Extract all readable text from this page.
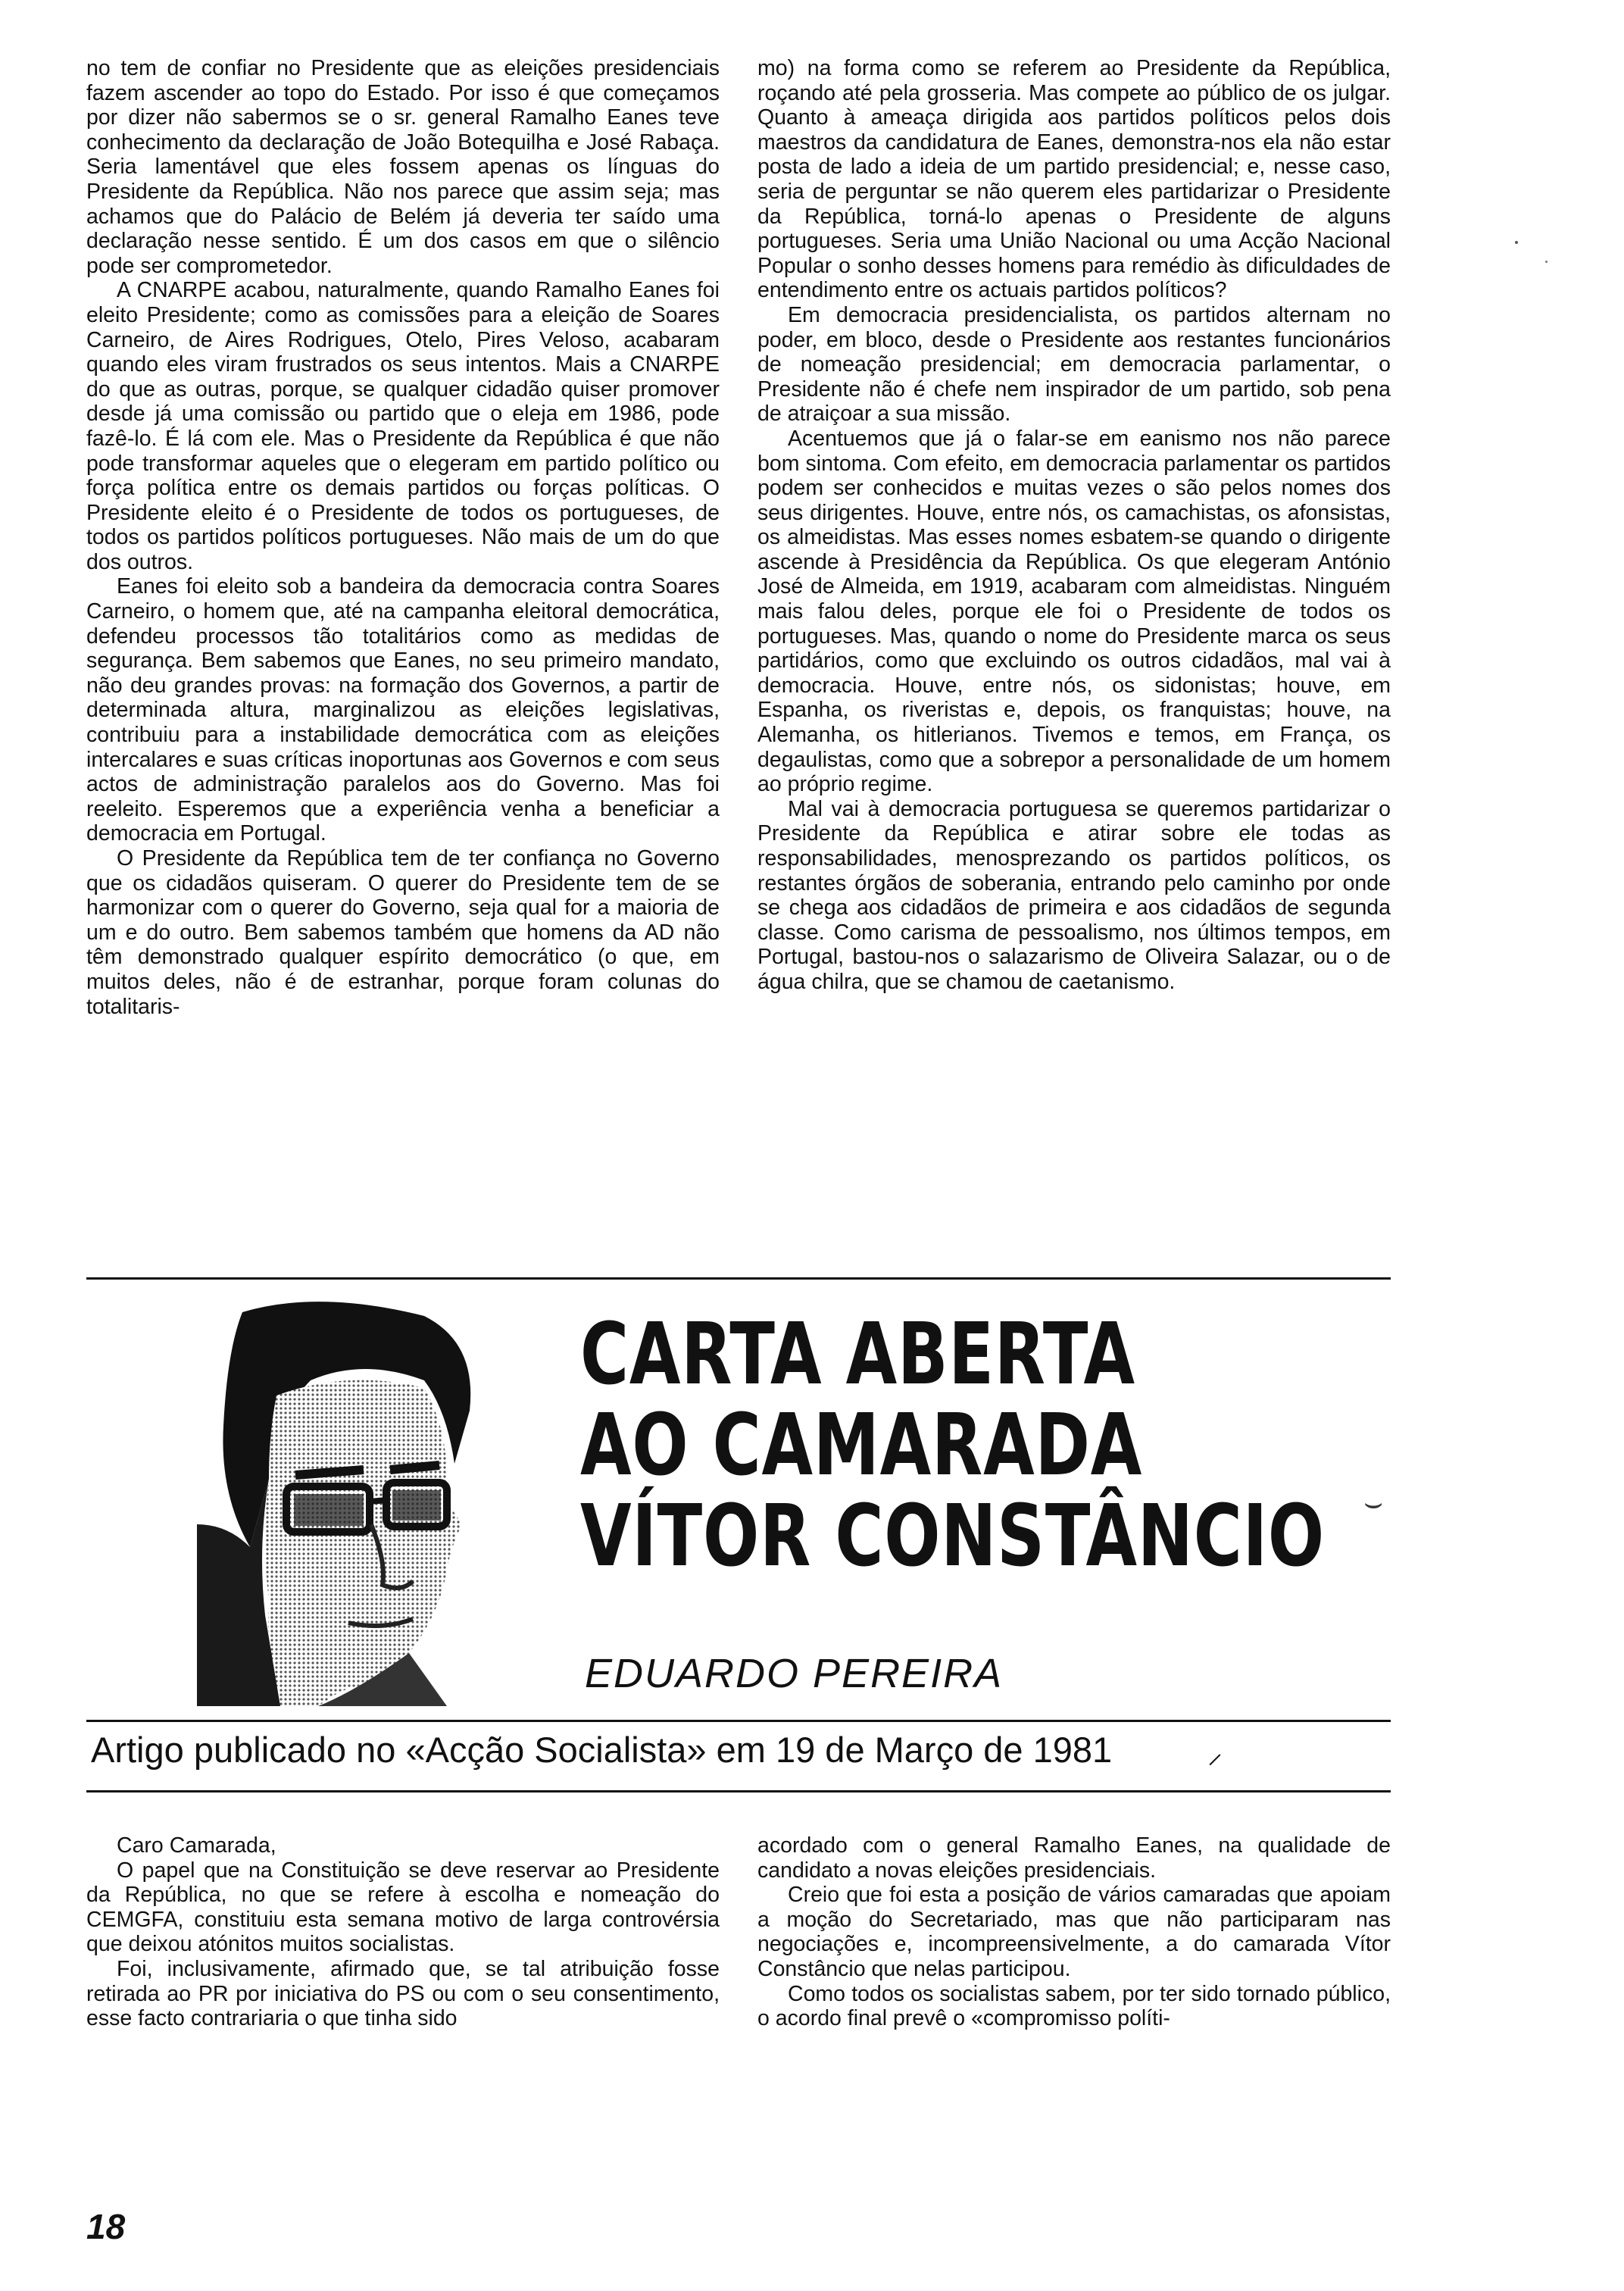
no tem de confiar no Presidente que as eleições presidenciais fazem ascender ao topo do Estado. Por isso é que começamos por dizer não sabermos se o sr. general Ramalho Eanes teve conhecimento da declaração de João Botequilha e José Rabaça. Seria lamentável que eles fossem apenas os línguas do Presidente da República. Não nos parece que assim seja; mas achamos que do Palácio de Belém já deveria ter saído uma declaração nesse sentido. É um dos casos em que o silêncio pode ser comprometedor.

A CNARPE acabou, naturalmente, quando Ramalho Eanes foi eleito Presidente; como as comissões para a eleição de Soares Carneiro, de Aires Rodrigues, Otelo, Pires Veloso, acabaram quando eles viram frustrados os seus intentos. Mais a CNARPE do que as outras, porque, se qualquer cidadão quiser promover desde já uma comissão ou partido que o eleja em 1986, pode fazê-lo. É lá com ele. Mas o Presidente da República é que não pode transformar aqueles que o elegeram em partido político ou força política entre os demais partidos ou forças políticas. O Presidente eleito é o Presidente de todos os portugueses, de todos os partidos políticos portugueses. Não mais de um do que dos outros.

Eanes foi eleito sob a bandeira da democracia contra Soares Carneiro, o homem que, até na campanha eleitoral democrática, defendeu processos tão totalitários como as medidas de segurança. Bem sabemos que Eanes, no seu primeiro mandato, não deu grandes provas: na formação dos Governos, a partir de determinada altura, marginalizou as eleições legislativas, contribuiu para a instabilidade democrática com as eleições intercalares e suas críticas inoportunas aos Governos e com seus actos de administração paralelos aos do Governo. Mas foi reeleito. Esperemos que a experiência venha a beneficiar a democracia em Portugal.

O Presidente da República tem de ter confiança no Governo que os cidadãos quiseram. O querer do Presidente tem de se harmonizar com o querer do Governo, seja qual for a maioria de um e do outro. Bem sabemos também que homens da AD não têm demonstrado qualquer espírito democrático (o que, em muitos deles, não é de estranhar, porque foram colunas do totalitaris-

mo) na forma como se referem ao Presidente da República, roçando até pela grosseria. Mas compete ao público de os julgar. Quanto à ameaça dirigida aos partidos políticos pelos dois maestros da candidatura de Eanes, demonstra-nos ela não estar posta de lado a ideia de um partido presidencial; e, nesse caso, seria de perguntar se não querem eles partidarizar o Presidente da República, torná-lo apenas o Presidente de alguns portugueses. Seria uma União Nacional ou uma Acção Nacional Popular o sonho desses homens para remédio às dificuldades de entendimento entre os actuais partidos políticos?

Em democracia presidencialista, os partidos alternam no poder, em bloco, desde o Presidente aos restantes funcionários de nomeação presidencial; em democracia parlamentar, o Presidente não é chefe nem inspirador de um partido, sob pena de atraiçoar a sua missão.

Acentuemos que já o falar-se em eanismo nos não parece bom sintoma. Com efeito, em democracia parlamentar os partidos podem ser conhecidos e muitas vezes o são pelos nomes dos seus dirigentes. Houve, entre nós, os camachistas, os afonsistas, os almeidistas. Mas esses nomes esbatem-se quando o dirigente ascende à Presidência da República. Os que elegeram António José de Almeida, em 1919, acabaram com almeidistas. Ninguém mais falou deles, porque ele foi o Presidente de todos os portugueses. Mas, quando o nome do Presidente marca os seus partidários, como que excluindo os outros cidadãos, mal vai à democracia. Houve, entre nós, os sidonistas; houve, em Espanha, os riveristas e, depois, os franquistas; houve, na Alemanha, os hitlerianos. Tivemos e temos, em França, os degaulistas, como que a sobrepor a personalidade de um homem ao próprio regime.

Mal vai à democracia portuguesa se queremos partidarizar o Presidente da República e atirar sobre ele todas as responsabilidades, menosprezando os partidos políticos, os restantes órgãos de soberania, entrando pelo caminho por onde se chega aos cidadãos de primeira e aos cidadãos de segunda classe. Como carisma de pessoalismo, nos últimos tempos, em Portugal, bastou-nos o salazarismo de Oliveira Salazar, ou o de água chilra, que se chamou de caetanismo.

CARTA ABERTA
AO CAMARADA
VÍTOR CONSTÂNCIO
EDUARDO PEREIRA
⌣
Artigo publicado no «Acção Socialista» em 19 de Março de 1981	⸝

Caro Camarada,

O papel que na Constituição se deve reservar ao Presidente da República, no que se refere à escolha e nomeação do CEMGFA, constituiu esta semana motivo de larga controvérsia que deixou atónitos muitos socialistas.

Foi, inclusivamente, afirmado que, se tal atribuição fosse retirada ao PR por iniciativa do PS ou com o seu consentimento, esse facto contrariaria o que tinha sido

acordado com o general Ramalho Eanes, na qualidade de candidato a novas eleições presidenciais.

Creio que foi esta a posição de vários camaradas que apoiam a moção do Secretariado, mas que não participaram nas negociações e, incompreensivelmente, a do camarada Vítor Constâncio que nelas participou.

Como todos os socialistas sabem, por ter sido tornado público, o acordo final prevê o «compromisso políti-

18
